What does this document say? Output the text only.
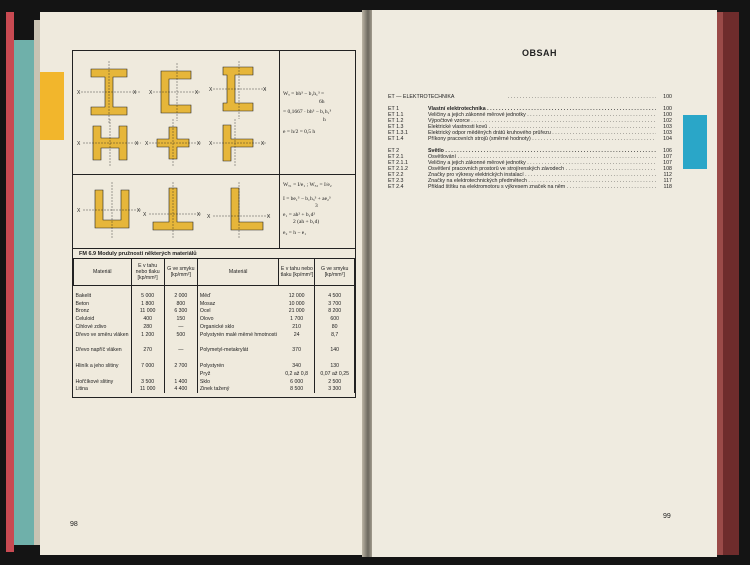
X	X	X	X X	X
X	X X	X X	X
Wₓ = bh³ − b₁h₁³ =
6h
= 0,1667 · bh³ − b₁h₁³
h
e = h/2 = 0,5 h
X	X
X	X X	X
Wₓ₁ = I/e₁ ; Wₓ₂ = I/e₂
I = be₁³ − b₁h₃³ + ae₂³
3
e₁ = ah² + b₁d²
2 (ah + b₁d)
e₂ = h − e₁
FM 6.9 Moduly pružnosti některých materiálů
Materiál	E v tahu nebo tlaku [kp/mm²]	G ve smyku [kp/mm²]	Materiál	E v tahu nebo tlaku [kp/mm²]	G ve smyku [kp/mm²]
Bakelit	5 000	2 000	Měď	12 000	4 500
Beton	1 800	800	Mosaz	10 000	3 700
Bronz	11 000	6 300	Ocel	21 000	8 200
Celuloid	400	150	Olovo	1 700	600
Cihlové zdivo	280	—	Organické sklo	210	80
Dřevo ve směru vláken	1 200	500	Polystyrén malé měrné hmotnosti	24	8,7

Dřevo napříč vláken	270	—	Polymetyl-metakrylát	370	140

Hliník a jeho slitiny	7 000	2 700	Polystyrén	340	130
			Pryž	0,2 až 0,8	0,07 až 0,25
Hořčíkové slitiny	3 500	1 400	Sklo	6 000	2 500
Litina	11 000	4 400	Zinek tažený	8 500	3 300
98
OBSAH
ET — ELEKTROTECHNIKA . . .	100
ET 1	Vlastní elektrotechnika . . .	100
ET 1.1	Veličiny a jejich zákonné měrové jednotky . . .	100
ET 1.2	Výpočtové vzorce . . .	102
ET 1.3	Elektrické vlastnosti kovů . . .	103
ET 1.3.1	Elektrický odpor měděných drátů kruhového průřezu . . .	103
ET 1.4	Příkony pracovních strojů (směrné hodnoty) . . .	104
ET 2	Světlo . . .	106
ET 2.1	Osvětlování . . .	107
ET 2.1.1	Veličiny a jejich zákonné měrové jednotky . . .	107
ET 2.1.2	Osvětlení pracovních prostorů ve strojírenských závodech . . .	108
ET 2.2	Značky pro výkresy elektrických instalací . . .	112
ET 2.3	Značky na elektrotechnických předmětech . . .	117
ET 2.4	Přiklad štítku na elektromotoru s výkresem značek na něm . . .	118
99
